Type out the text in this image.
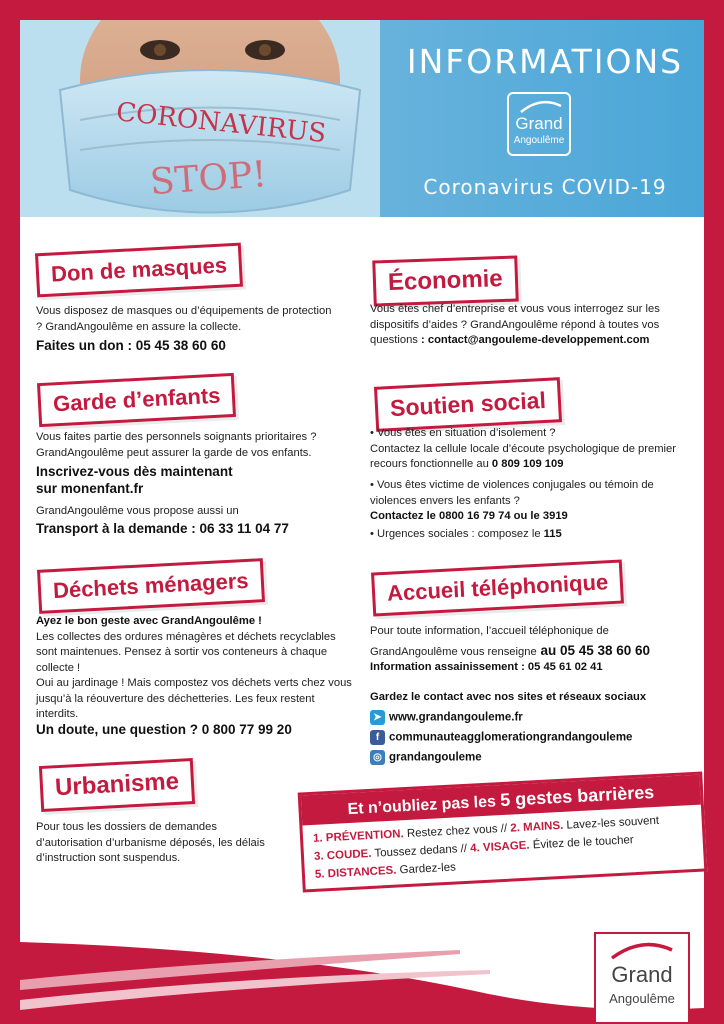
CORONAVIRUS
STOP!
INFORMATIONS
Grand
Angoulême
Coronavirus COVID-19
Don de masques
Vous disposez de masques ou d’équipements de protection ? GrandAngoulême en assure la collecte.
Faites un don : 05 45 38 60 60
Économie
Vous êtes chef d’entreprise et vous vous interrogez sur les dispositifs d’aides ? GrandAngoulême répond à toutes vos questions : contact@angouleme-developpement.com
Garde d’enfants
Vous faites partie des personnels soignants prioritaires ? GrandAngoulême peut assurer la garde de vos enfants.
Inscrivez-vous dès maintenant
sur monenfant.fr
GrandAngoulême vous propose aussi un
Transport à la demande : 06 33 11 04 77
Soutien social
• Vous êtes en situation d’isolement ?
Contactez la cellule locale d’écoute psychologique de premier recours fonctionnelle au 0 809 109 109
• Vous êtes victime de violences conjugales ou témoin de violences envers les enfants ?
Contactez le 0800 16 79 74 ou le 3919
• Urgences sociales : composez le 115
Déchets ménagers
Ayez le bon geste avec GrandAngoulême !
Les collectes des ordures ménagères et déchets recyclables sont maintenues. Pensez à sortir vos conteneurs à chaque collecte !
Oui au jardinage ! Mais compostez vos déchets verts chez vous jusqu’à la réouverture des déchetteries. Les feux restent interdits.
Un doute, une question ? 0 800 77 99 20
Accueil téléphonique
Pour toute information, l’accueil téléphonique de
GrandAngoulême vous renseigne au 05 45 38 60 60
Information assainissement : 05 45 61 02 41
Gardez le contact avec nos sites et réseaux sociaux
➤ www.grandangouleme.fr
f communauteagglomerationgrandangouleme
◎ grandangouleme
Urbanisme
Pour tous les dossiers de demandes d’autorisation d’urbanisme déposés, les délais d’instruction sont suspendus.
Grand
Angoulême
Et n’oubliez pas les 5 gestes barrières
1. PRÉVENTION. Restez chez vous // 2. MAINS. Lavez-les souvent
3. COUDE. Toussez dedans // 4. VISAGE. Évitez de le toucher
5. DISTANCES. Gardez-les
